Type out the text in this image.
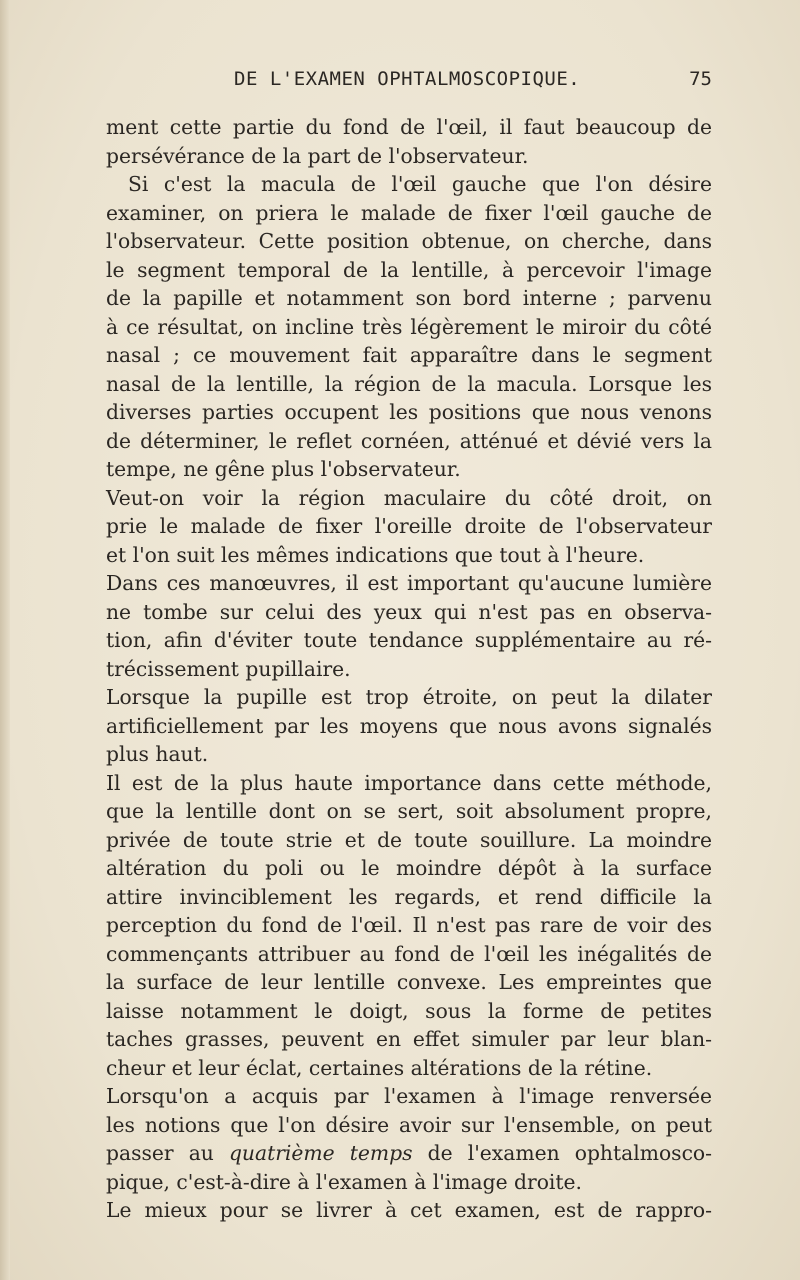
DE L'EXAMEN OPHTALMOSCOPIQUE.	75
ment cette partie du fond de l'œil, il faut beaucoup de
persévérance de la part de l'observateur.
Si c'est la macula de l'œil gauche que l'on désire
examiner, on priera le malade de fixer l'œil gauche de
l'observateur. Cette position obtenue, on cherche, dans
le segment temporal de la lentille, à percevoir l'image
de la papille et notamment son bord interne ; parvenu
à ce résultat, on incline très légèrement le miroir du côté
nasal ; ce mouvement fait apparaître dans le segment
nasal de la lentille, la région de la macula. Lorsque les
diverses parties occupent les positions que nous venons
de déterminer, le reflet cornéen, atténué et dévié vers la
tempe, ne gêne plus l'observateur.
Veut-on voir la région maculaire du côté droit, on
prie le malade de fixer l'oreille droite de l'observateur
et l'on suit les mêmes indications que tout à l'heure.
Dans ces manœuvres, il est important qu'aucune lumière
ne tombe sur celui des yeux qui n'est pas en observa-
tion, afin d'éviter toute tendance supplémentaire au ré-
trécissement pupillaire.
Lorsque la pupille est trop étroite, on peut la dilater
artificiellement par les moyens que nous avons signalés
plus haut.
Il est de la plus haute importance dans cette méthode,
que la lentille dont on se sert, soit absolument propre,
privée de toute strie et de toute souillure. La moindre
altération du poli ou le moindre dépôt à la surface
attire invinciblement les regards, et rend difficile la
perception du fond de l'œil. Il n'est pas rare de voir des
commençants attribuer au fond de l'œil les inégalités de
la surface de leur lentille convexe. Les empreintes que
laisse notamment le doigt, sous la forme de petites
taches grasses, peuvent en effet simuler par leur blan-
cheur et leur éclat, certaines altérations de la rétine.
Lorsqu'on a acquis par l'examen à l'image renversée
les notions que l'on désire avoir sur l'ensemble, on peut
passer au quatrième temps de l'examen ophtalmosco-
pique, c'est-à-dire à l'examen à l'image droite.
Le mieux pour se livrer à cet examen, est de rappro-
